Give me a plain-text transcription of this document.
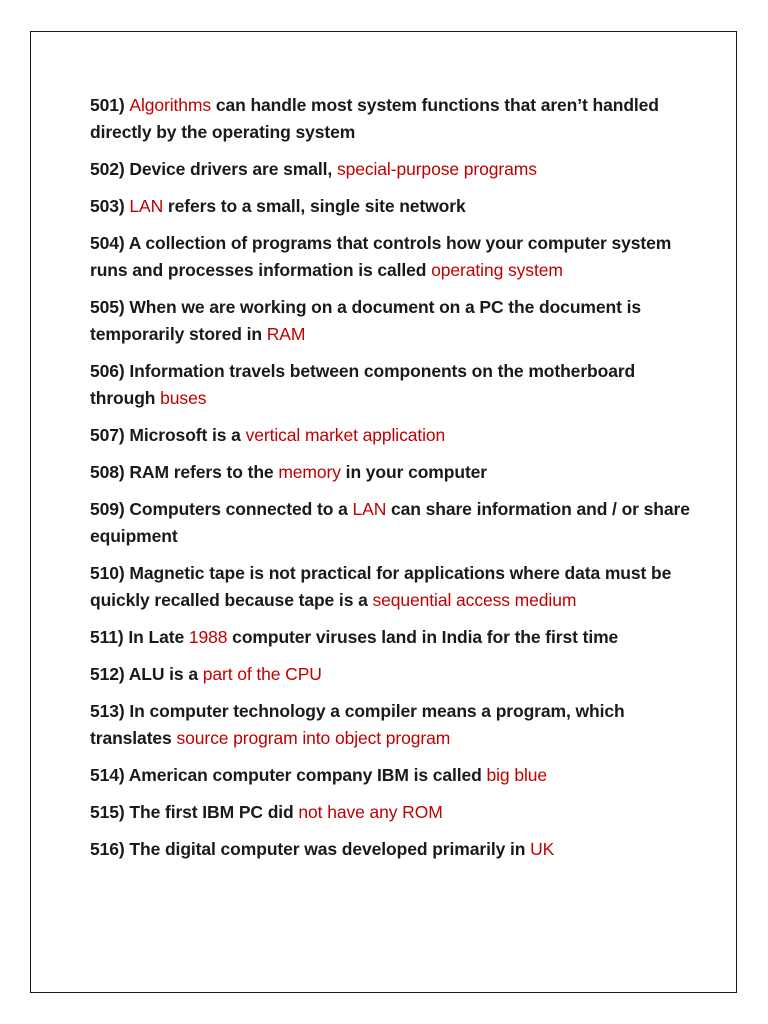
501) Algorithms can handle most system functions that aren’t handled directly by the operating system
502) Device drivers are small, special-purpose programs
503) LAN refers to a small, single site network
504) A collection of programs that controls how your computer system runs and processes information is called operating system
505) When we are working on a document on a PC the document is temporarily stored in RAM
506) Information travels between components on the motherboard through buses
507) Microsoft is a vertical market application
508) RAM refers to the memory in your computer
509) Computers connected to a LAN can share information and / or share equipment
510) Magnetic tape is not practical for applications where data must be quickly recalled because tape is a sequential access medium
511) In Late 1988 computer viruses land in India for the first time
512) ALU is a part of the CPU
513) In computer technology a compiler means a program, which translates source program into object program
514) American computer company IBM is called big blue
515) The first IBM PC did not have any ROM
516) The digital computer was developed primarily in UK
